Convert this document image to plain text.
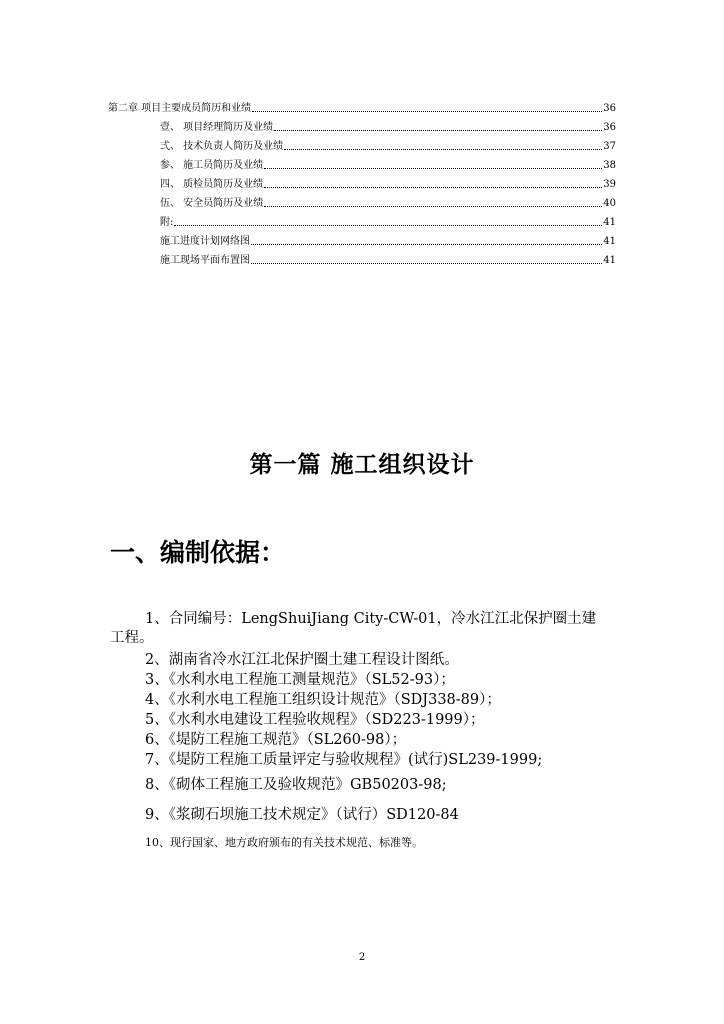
第二章 项目主要成员简历和业绩	36
壹、 项目经理简历及业绩	36
弍、 技术负责人简历及业绩	37
参、 施工员简历及业绩	38
四、 质检员简历及业绩	39
伍、 安全员简历及业绩	40
附:	41
施工进度计划网络图	41
施工现场平面布置图	41
第一篇 施工组织设计
一、编制依据：
1、合同编号：LengShuiJiang City-CW-01，冷水江江北保护圈土建工程。
2、湖南省冷水江江北保护圈土建工程设计图纸。
3、《水利水电工程施工测量规范》（SL52-93）；
4、《水利水电工程施工组织设计规范》（SDJ338-89）；
5、《水利水电建设工程验收规程》（SD223-1999）；
6、《堤防工程施工规范》（SL260-98）；
7、《堤防工程施工质量评定与验收规程》(试行)SL239-1999;
8、《砌体工程施工及验收规范》GB50203-98;
9、《浆砌石坝施工技术规定》（试行）SD120-84
10、现行国家、地方政府颁布的有关技术规范、标准等。
2
